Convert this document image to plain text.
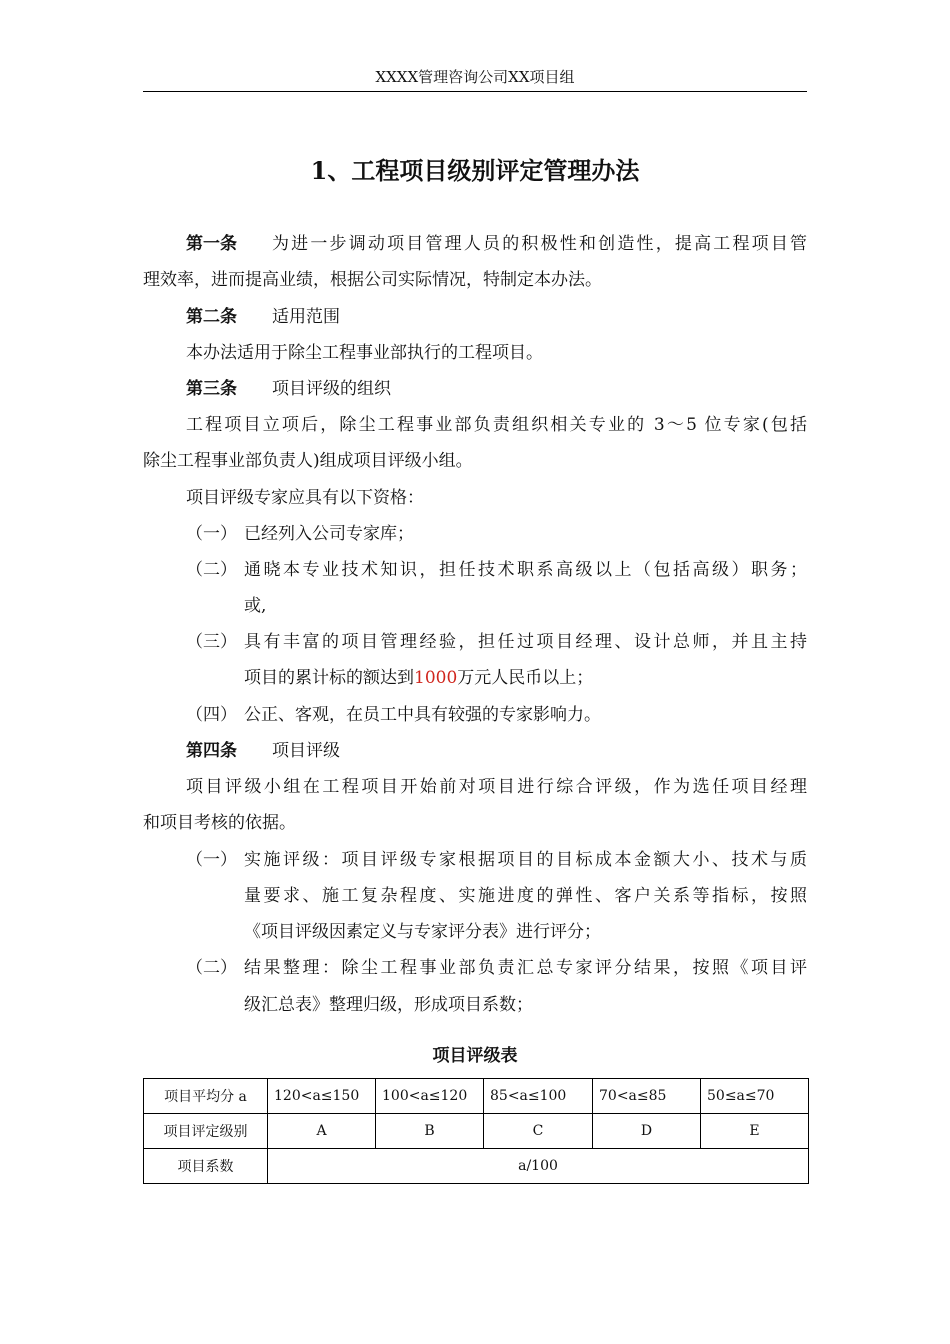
XXXX管理咨询公司XX项目组
1、工程项目级别评定管理办法
第一条 为进一步调动项目管理人员的积极性和创造性，提高工程项目管
理效率，进而提高业绩，根据公司实际情况，特制定本办法。
第二条 适用范围
本办法适用于除尘工程事业部执行的工程项目。
第三条 项目评级的组织
工程项目立项后，除尘工程事业部负责组织相关专业的 3～5 位专家(包括
除尘工程事业部负责人)组成项目评级小组。
项目评级专家应具有以下资格：
（一） 已经列入公司专家库；
（二） 通晓本专业技术知识，担任技术职系高级以上（包括高级）职务；
或,
（三） 具有丰富的项目管理经验，担任过项目经理、设计总师，并且主持
项目的累计标的额达到1000万元人民币以上；
（四） 公正、客观，在员工中具有较强的专家影响力。
第四条 项目评级
项目评级小组在工程项目开始前对项目进行综合评级，作为选任项目经理
和项目考核的依据。
（一） 实施评级：项目评级专家根据项目的目标成本金额大小、技术与质
量要求、施工复杂程度、实施进度的弹性、客户关系等指标，按照
《项目评级因素定义与专家评分表》进行评分；
（二） 结果整理：除尘工程事业部负责汇总专家评分结果，按照《项目评
级汇总表》整理归级，形成项目系数；
项目评级表
项目平均分 a	120<a≤150	100<a≤120	85<a≤100	70<a≤85	50≤a≤70
项目评定级别	A	B	C	D	E
项目系数	a/100				
